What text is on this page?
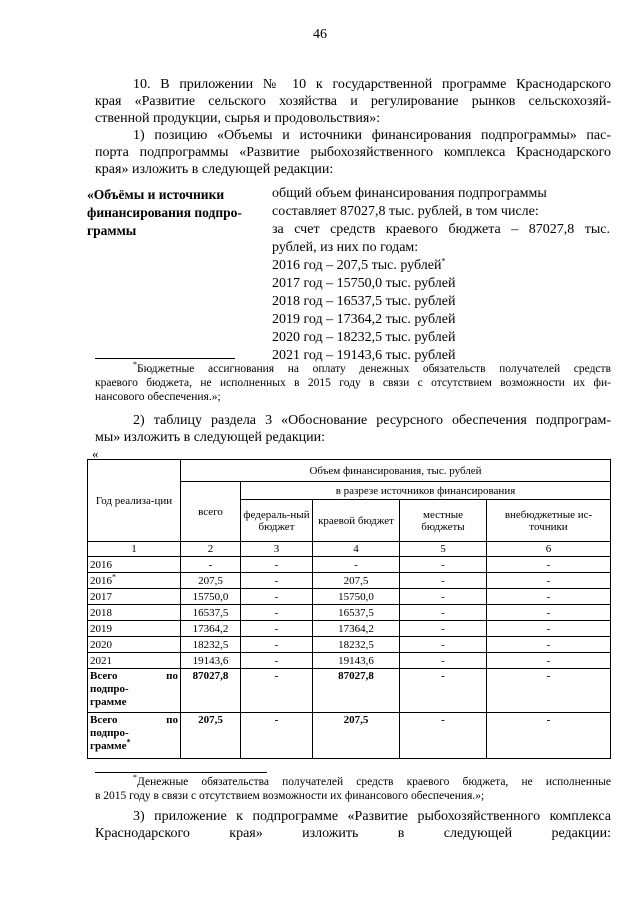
46
10. В приложении № 10 к государственной программе Краснодарского
края «Развитие сельского хозяйства и регулирование рынков сельскохозяй-
ственной продукции, сырья и продовольствия»:
1) позицию «Объемы и источники финансирования подпрограммы» пас-
порта подпрограммы «Развитие рыбохозяйственного комплекса Краснодарского
края» изложить в следующей редакции:
«Объёмы и источники
финансирования подпро-
граммы
общий объем финансирования подпрограммы
составляет 87027,8 тыс. рублей, в том числе:
за счет средств краевого бюджета – 87027,8 тыс.
рублей, из них по годам:
2016 год – 207,5 тыс. рублей*
2017 год – 15750,0 тыс. рублей
2018 год – 16537,5 тыс. рублей
2019 год – 17364,2 тыс. рублей
2020 год – 18232,5 тыс. рублей
2021 год – 19143,6 тыс. рублей
*Бюджетные ассигнования на оплату денежных обязательств получателей средств
краевого бюджета, не исполненных в 2015 году в связи с отсутствием возможности их фи-
нансового обеспечения.»;
2) таблицу раздела 3 «Обоснование ресурсного обеспечения подпрограм-
мы» изложить в следующей редакции:
«
Год реализа-ции	Объем финансирования, тыс. рублей				
	всего	в разрезе источников финансирования			
		федераль-ный бюджет	краевой бюджет	местные бюджеты	внебюджетные ис-точники
1	2	3	4	5	6
2016	-	-	-	-	-
2016*	207,5	-	207,5	-	-
2017	15750,0	-	15750,0	-	-
2018	16537,5	-	16537,5	-	-
2019	17364,2	-	17364,2	-	-
2020	18232,5	-	18232,5	-	-
2021	19143,6	-	19143,6	-	-

Всего по
подпро-
грамме	87027,8	-	87027,8	-	-

Всего по
подпро-
грамме*	207,5	-	207,5	-	-
*Денежные обязательства получателей средств краевого бюджета, не исполненные
в 2015 году в связи с отсутствием возможности их финансового обеспечения.»;
3) приложение к подпрограмме «Развитие рыбохозяйственного комплекса
Краснодарского края» изложить в следующей редакции:
